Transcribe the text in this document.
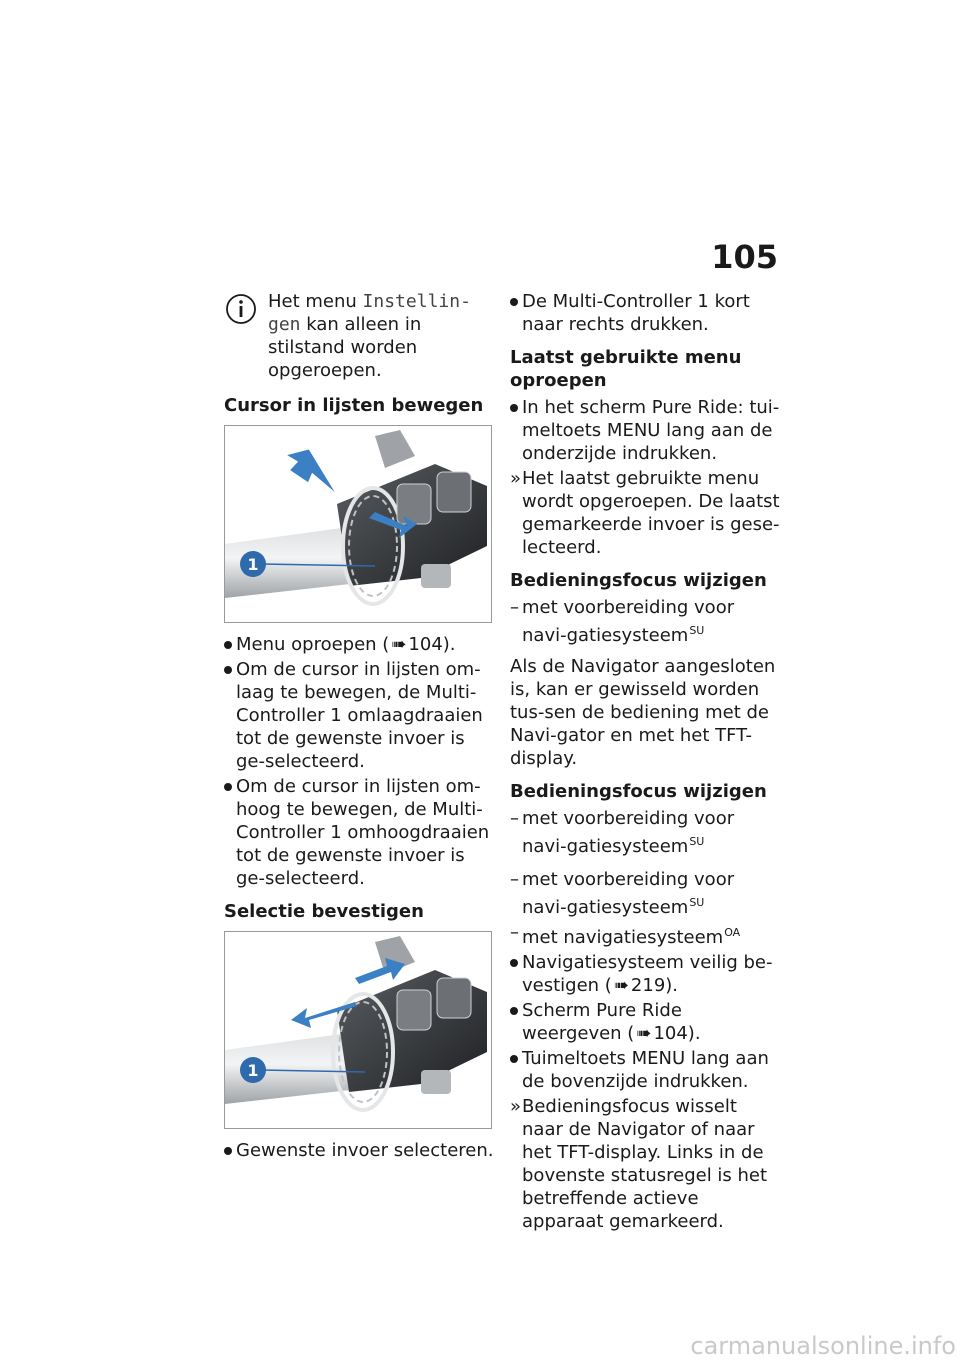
105
Het menu Instellin-gen kan alleen in stilstand worden opgeroepen.
Cursor in lijsten bewegen
1
Menu oproepen ( ➠ 104).
Om de cursor in lijsten om-laag te bewegen, de Multi-Controller 1 omlaagdraaien tot de gewenste invoer is ge-selecteerd.
Om de cursor in lijsten om-hoog te bewegen, de Multi-Controller 1 omhoogdraaien tot de gewenste invoer is ge-selecteerd.
Selectie bevestigen
1
Gewenste invoer selecteren.
De Multi-Controller 1 kort naar rechts drukken.
Laatst gebruikte menu oproepen
In het scherm Pure Ride: tui-meltoets MENU lang aan de onderzijde indrukken.
» Het laatst gebruikte menu wordt opgeroepen. De laatst gemarkeerde invoer is gese-lecteerd.
Bedieningsfocus wijzigen
– met voorbereiding voor navi-gatiesysteem$^{SU}$
Als de Navigator aangesloten is, kan er gewisseld worden tus-sen de bediening met de Navi-gator en met het TFT-display.
Bedieningsfocus wijzigen
– met voorbereiding voor navi-gatiesysteem$^{SU}$
– met voorbereiding voor navi-gatiesysteem$^{SU}$
– met navigatiesysteem$^{OA}$
Navigatiesysteem veilig be-vestigen ( ➠ 219).
Scherm Pure Ride weergeven ( ➠ 104).
Tuimeltoets MENU lang aan de bovenzijde indrukken.
» Bedieningsfocus wisselt naar de Navigator of naar het TFT-display. Links in de bovenste statusregel is het betreffende actieve apparaat gemarkeerd.
carmanualsonline.info
